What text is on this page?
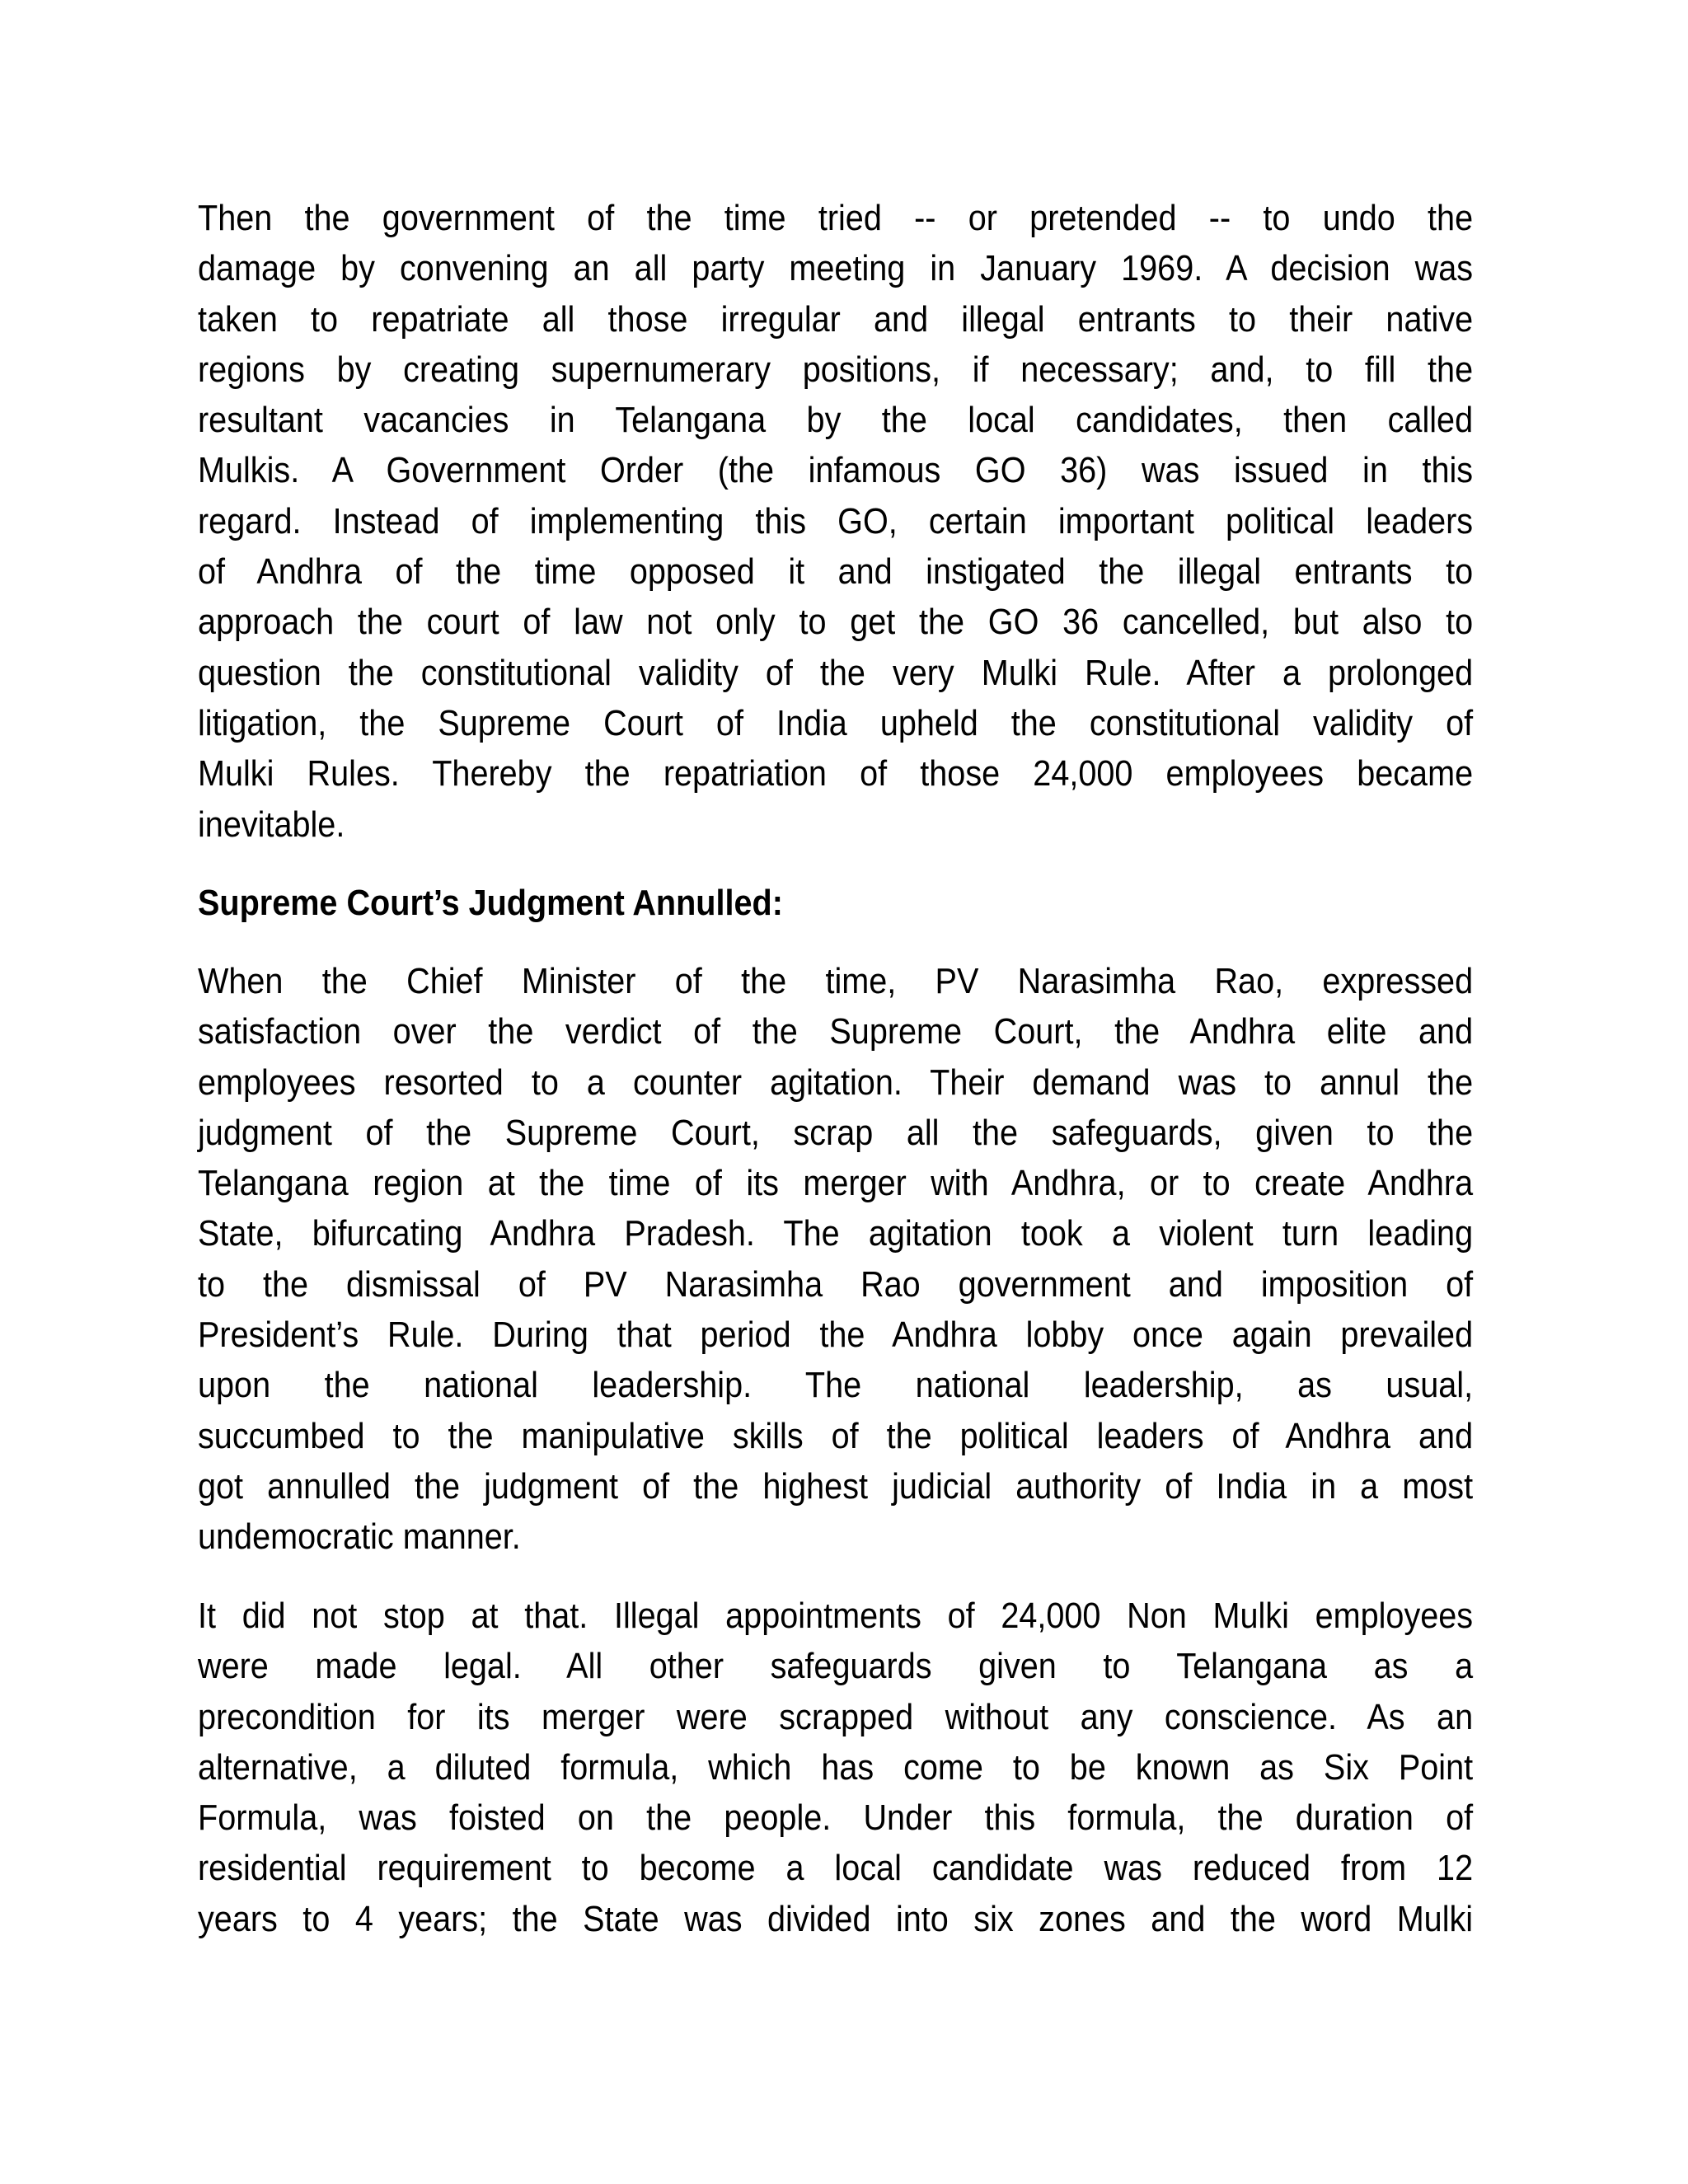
Then the government of the time tried -- or pretended -- to undo the
damage by convening an all party meeting in January 1969. A decision was
taken to repatriate all those irregular and illegal entrants to their native
regions by creating supernumerary positions, if necessary; and, to fill the
resultant vacancies in Telangana by the local candidates, then called
Mulkis. A Government Order (the infamous GO 36) was issued in this
regard. Instead of implementing this GO, certain important political leaders
of Andhra of the time opposed it and instigated the illegal entrants to
approach the court of law not only to get the GO 36 cancelled, but also to
question the constitutional validity of the very Mulki Rule. After a prolonged
litigation, the Supreme Court of India upheld the constitutional validity of
Mulki Rules. Thereby the repatriation of those 24,000 employees became
inevitable.
Supreme Court’s Judgment Annulled:
When the Chief Minister of the time, PV Narasimha Rao, expressed
satisfaction over the verdict of the Supreme Court, the Andhra elite and
employees resorted to a counter agitation. Their demand was to annul the
judgment of the Supreme Court, scrap all the safeguards, given to the
Telangana region at the time of its merger with Andhra, or to create Andhra
State, bifurcating Andhra Pradesh. The agitation took a violent turn leading
to the dismissal of PV Narasimha Rao government and imposition of
President’s Rule. During that period the Andhra lobby once again prevailed
upon the national leadership. The national leadership, as usual,
succumbed to the manipulative skills of the political leaders of Andhra and
got annulled the judgment of the highest judicial authority of India in a most
undemocratic manner.
It did not stop at that. Illegal appointments of 24,000 Non Mulki employees
were made legal. All other safeguards given to Telangana as a
precondition for its merger were scrapped without any conscience. As an
alternative, a diluted formula, which has come to be known as Six Point
Formula, was foisted on the people. Under this formula, the duration of
residential requirement to become a local candidate was reduced from 12
years to 4 years; the State was divided into six zones and the word Mulki
